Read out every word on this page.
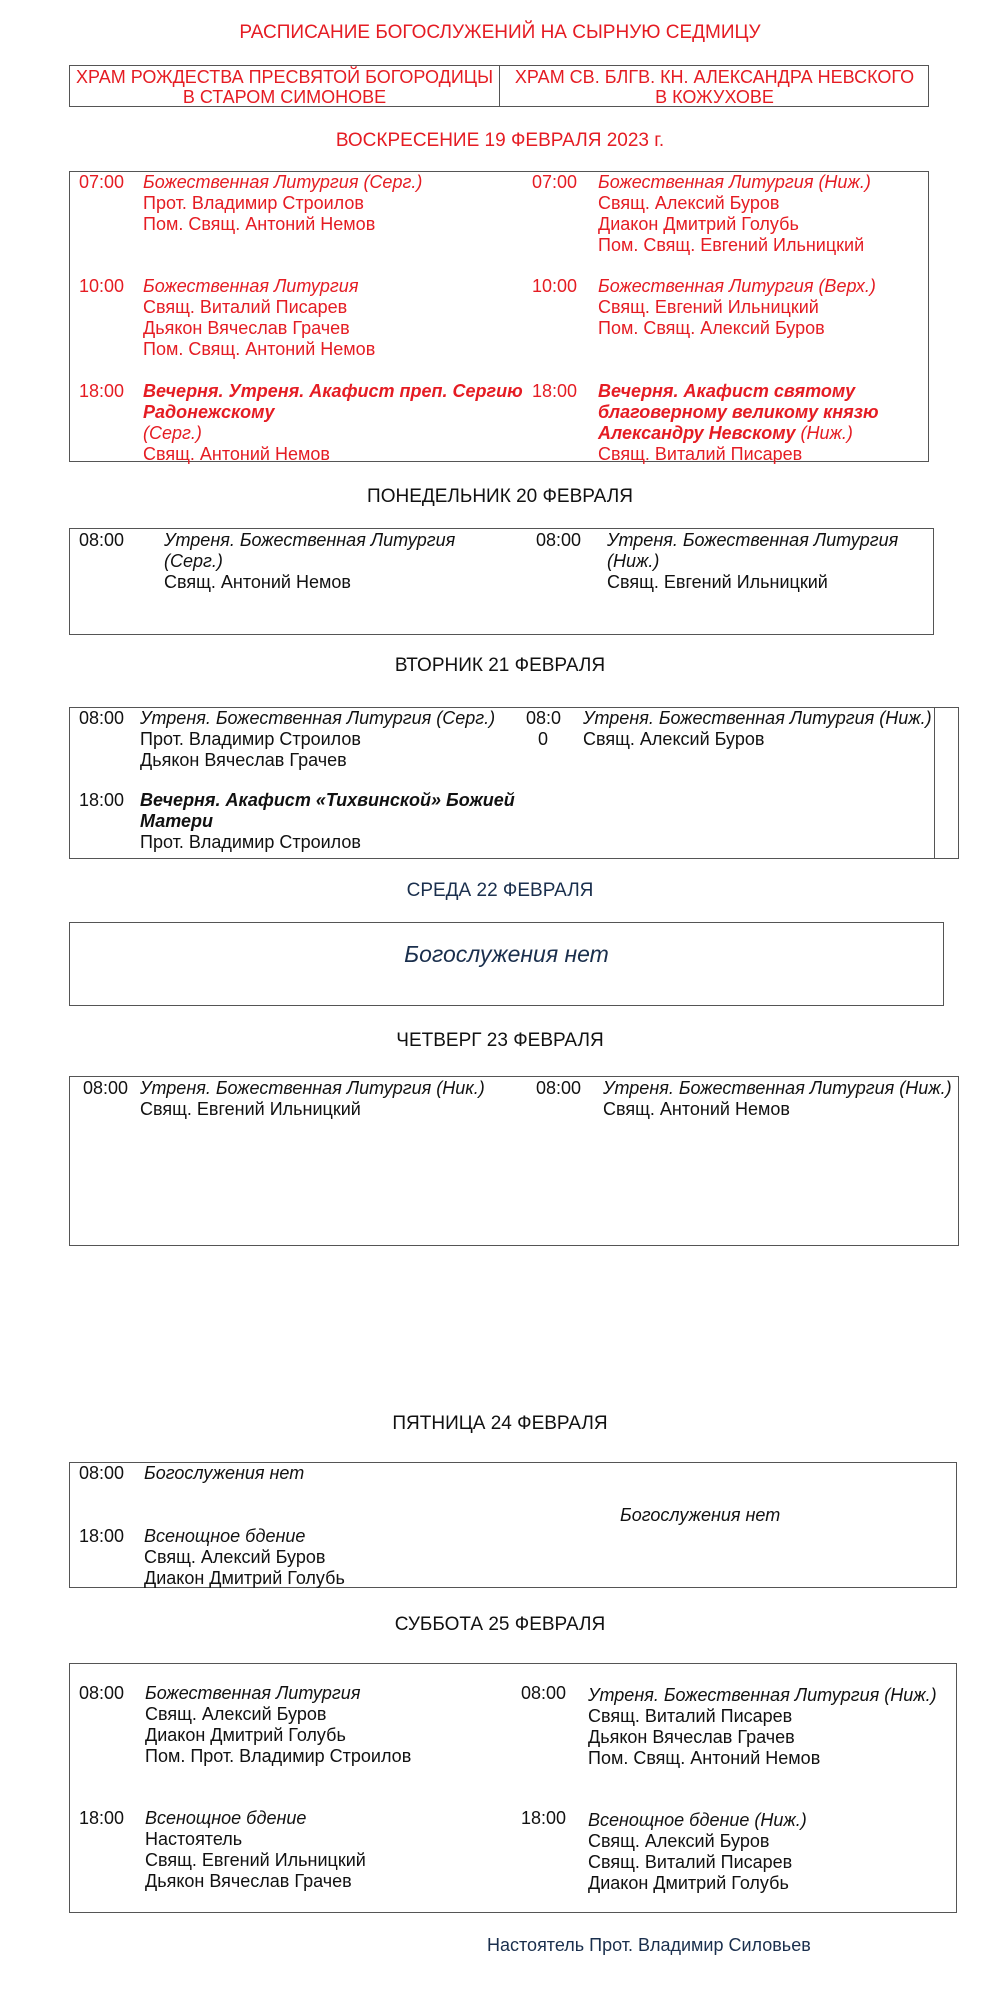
РАСПИСАНИЕ БОГОСЛУЖЕНИЙ НА СЫРНУЮ СЕДМИЦУ
ХРАМ РОЖДЕСТВА ПРЕСВЯТОЙ БОГОРОДИЦЫ
В СТАРОМ СИМОНОВЕ
ХРАМ СВ. БЛГВ. КН. АЛЕКСАНДРА НЕВСКОГО
В КОЖУХОВЕ
ВОСКРЕСЕНИЕ 19 ФЕВРАЛЯ 2023 г.
07:00 Божественная Литургия (Серг.)
Прот. Владимир Строилов
Пом. Свящ. Антоний Немов
10:00 Божественная Литургия
Свящ. Виталий Писарев
Дьякон Вячеслав Грачев
Пом. Свящ. Антоний Немов
18:00 Вечерня. Утреня. Акафист преп. Сергию
Радонежскому
(Серг.)
Свящ. Антоний Немов
07:00 Божественная Литургия (Ниж.)
Свящ. Алексий Буров
Диакон Дмитрий Голубь
Пом. Свящ. Евгений Ильницкий
10:00 Божественная Литургия (Верх.)
Свящ. Евгений Ильницкий
Пом. Свящ. Алексий Буров
18:00 Вечерня. Акафист святому
благоверному великому князю
Александру Невскому (Ниж.)
Свящ. Виталий Писарев
ПОНЕДЕЛЬНИК 20 ФЕВРАЛЯ
08:00 Утреня. Божественная Литургия
(Серг.)
Свящ. Антоний Немов
08:00 Утреня. Божественная Литургия
(Ниж.)
Свящ. Евгений Ильницкий
ВТОРНИК 21 ФЕВРАЛЯ
08:00 Утреня. Божественная Литургия (Серг.)
Прот. Владимир Строилов
Дьякон Вячеслав Грачев
18:00 Вечерня. Акафист «Тихвинской» Божией
Матери
Прот. Владимир Строилов
08:0
0
Утреня. Божественная Литургия (Ниж.)
Свящ. Алексий Буров
СРЕДА 22 ФЕВРАЛЯ
Богослужения нет
ЧЕТВЕРГ 23 ФЕВРАЛЯ
08:00 Утреня. Божественная Литургия (Ник.)
Свящ. Евгений Ильницкий
08:00 Утреня. Божественная Литургия (Ниж.)
Свящ. Антоний Немов
ПЯТНИЦА 24 ФЕВРАЛЯ
08:00 Богослужения нет
18:00 Всенощное бдение
Свящ. Алексий Буров
Диакон Дмитрий Голубь
Богослужения нет
СУББОТА 25 ФЕВРАЛЯ
08:00 Божественная Литургия
Свящ. Алексий Буров
Диакон Дмитрий Голубь
Пом. Прот. Владимир Строилов
18:00 Всенощное бдение
Настоятель
Свящ. Евгений Ильницкий
Дьякон Вячеслав Грачев
08:00 Утреня. Божественная Литургия (Ниж.)
Свящ. Виталий Писарев
Дьякон Вячеслав Грачев
Пом. Свящ. Антоний Немов
18:00 Всенощное бдение (Ниж.)
Свящ. Алексий Буров
Свящ. Виталий Писарев
Диакон Дмитрий Голубь
Настоятель Прот. Владимир Силовьев
